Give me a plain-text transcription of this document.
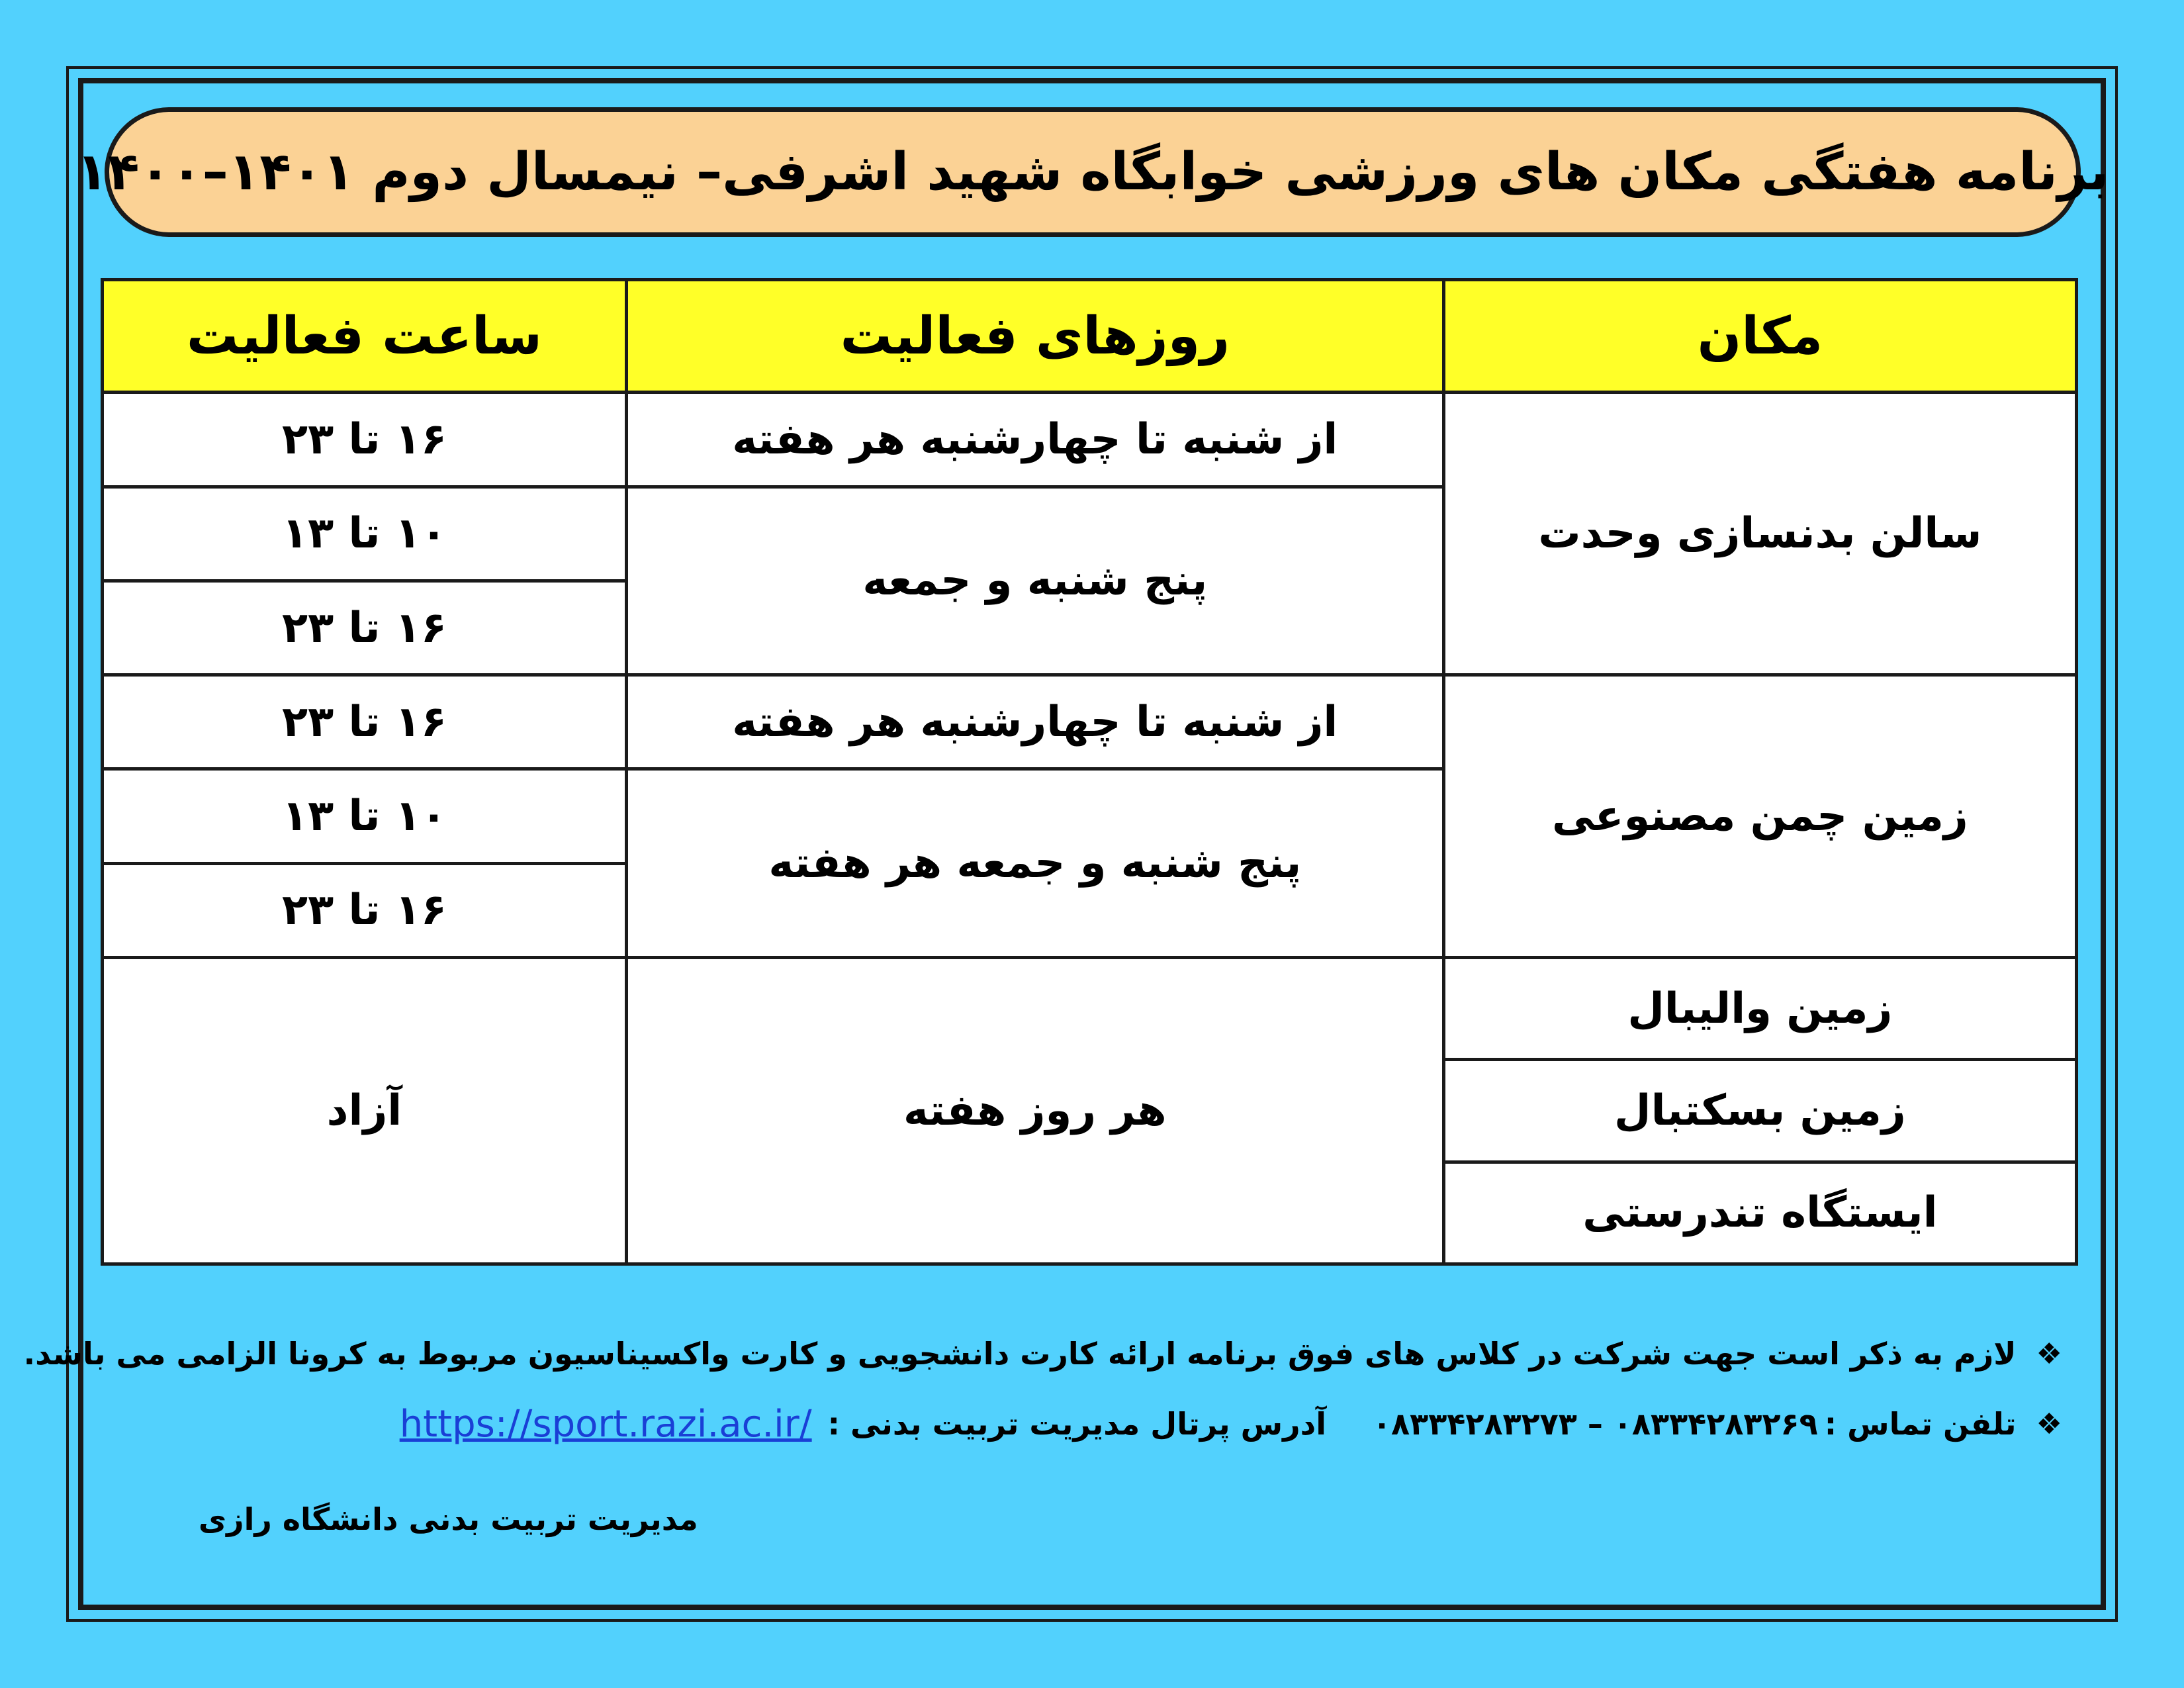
برنامه هفتگی مکان های ورزشی خوابگاه شهید اشرفی– نیمسال دوم ۱۴۰۱–۱۴۰۰
مکان	روزهای فعالیت	ساعت فعالیت
سالن بدنسازی وحدت	از شنبه تا چهارشنبه هر هفته	۱۶ تا ۲۳
	پنج شنبه و جمعه	۱۰ تا ۱۳
		۱۶ تا ۲۳
زمین چمن مصنوعی	از شنبه تا چهارشنبه هر هفته	۱۶ تا ۲۳
	پنج شنبه و جمعه هر هفته	۱۰ تا ۱۳
		۱۶ تا ۲۳
زمین والیبال	هر روز هفته	آزاد
زمین بسکتبال		
ایستگاه تندرستی		
❖
لازم به ذکر است جهت شرکت در کلاس های فوق برنامه ارائه کارت دانشجویی و کارت واکسیناسیون مربوط به کرونا الزامی می باشد.
❖
تلفن تماس :
۰۸۳۳۴۲۸۳۲۶۹ – ۰۸۳۳۴۲۸۳۲۷۳
آدرس پرتال مدیریت تربیت بدنی :
https://sport.razi.ac.ir/
مدیریت تربیت بدنی دانشگاه رازی
